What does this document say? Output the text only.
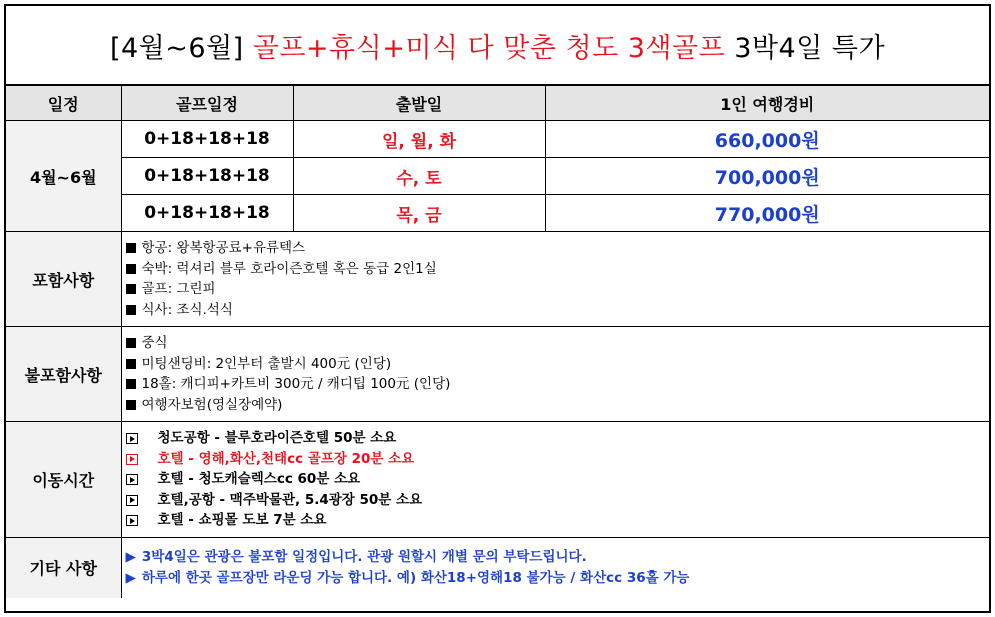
[4월~6월] 골프+휴식+미식 다 맞춘 청도 3색골프 3박4일 특가
일정	골프일정	출발일	1인 여행경비
4월~6월	0+18+18+18	일, 월, 화	660,000원
	0+18+18+18	수, 토	700,000원
	0+18+18+18	목, 금	770,000원
포함사항	항공: 왕복항공료+유류텍스
숙박: 럭셔리 블루 호라이즌호텔 혹은 동급 2인1실
골프: 그린피
식사: 조식.석식		

불포함사항	중식
미팅샌딩비: 2인부터 출발시 400元 (인당)
18홀: 캐디피+카트비 300元 / 캐디팁 100元 (인당)
여행자보험(영실장예약)		

이동시간	청도공항 - 블루호라이즌호텔 50분 소요
호텔 - 영해,화산,천태cc 골프장 20분 소요
호텔 - 청도캐슬렉스cc 60분 소요
호텔,공항 - 맥주박물관, 5.4광장 50분 소요
호텔 - 쇼핑몰 도보 7분 소요		

기타 사항	▶ 3박4일은 관광은 불포함 일정입니다. 관광 원할시 개별 문의 부탁드립니다.
▶ 하루에 한곳 골프장만 라운딩 가능 합니다. 예) 화산18+영해18 불가능 / 화산cc 36홀 가능		
